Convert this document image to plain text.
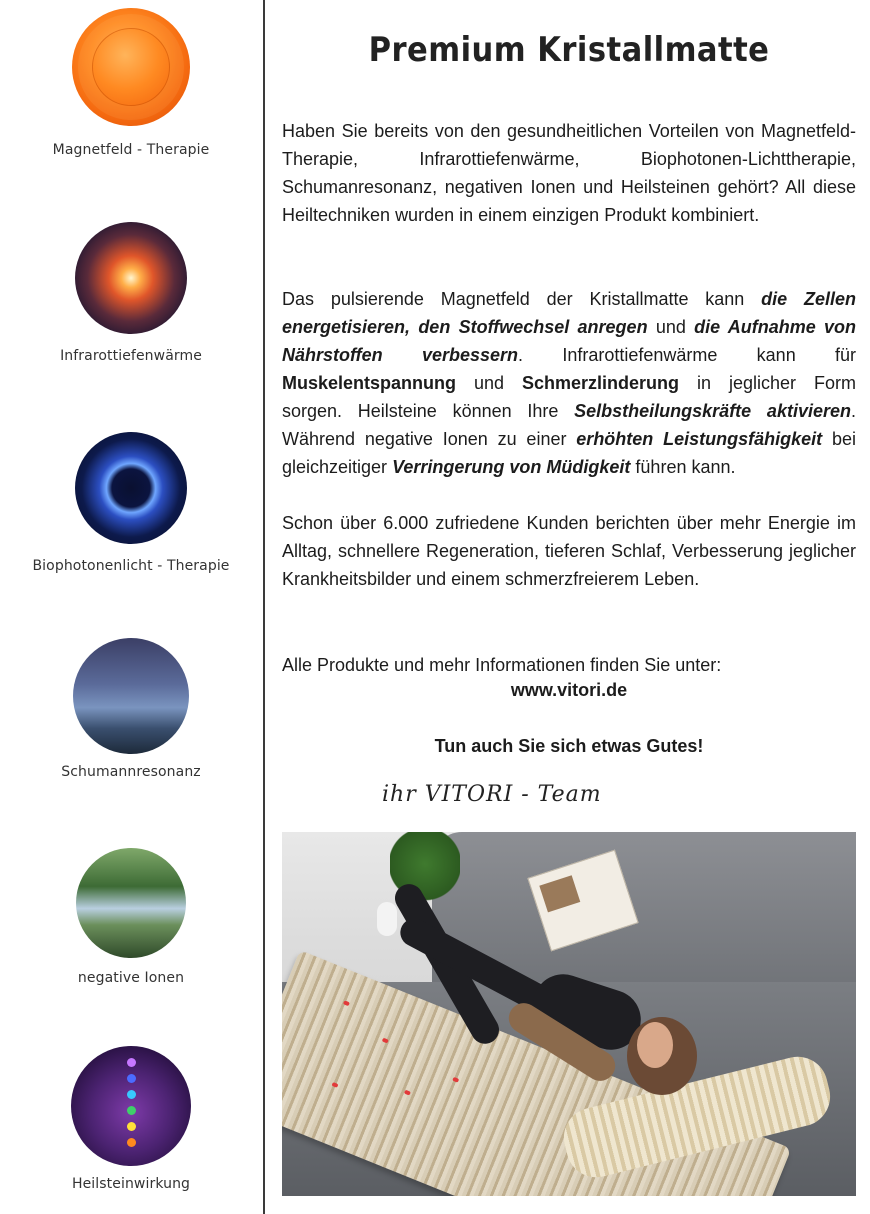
Magnetfeld - Therapie
Infrarottiefenwärme
Biophotonenlicht - Therapie
Schumannresonanz
negative Ionen
Heilsteinwirkung
Premium Kristallmatte
Haben Sie bereits von den gesundheitlichen Vorteilen von Magnetfeld-Therapie, Infrarottiefenwärme, Biophotonen-Lichttherapie, Schumanresonanz, negativen Ionen und Heilsteinen gehört? All diese Heiltechniken wurden in einem einzigen Produkt kombiniert.
Das pulsierende Magnetfeld der Kristallmatte kann die Zellen energetisieren, den Stoffwechsel anregen und die Aufnahme von Nährstoffen verbessern. Infrarottiefenwärme kann für Muskelentspannung und Schmerzlinderung in jeglicher Form sorgen. Heilsteine können Ihre Selbstheilungskräfte aktivieren. Während negative Ionen zu einer erhöhten Leistungsfähigkeit bei gleichzeitiger Verringerung von Müdigkeit führen kann.
Schon über 6.000 zufriedene Kunden berichten über mehr Energie im Alltag, schnellere Regeneration, tieferen Schlaf, Verbesserung jeglicher Krankheitsbilder und einem schmerzfreierem Leben.
Alle Produkte und mehr Informationen finden Sie unter:
www.vitori.de
Tun auch Sie sich etwas Gutes!
ihr VITORI - Team
